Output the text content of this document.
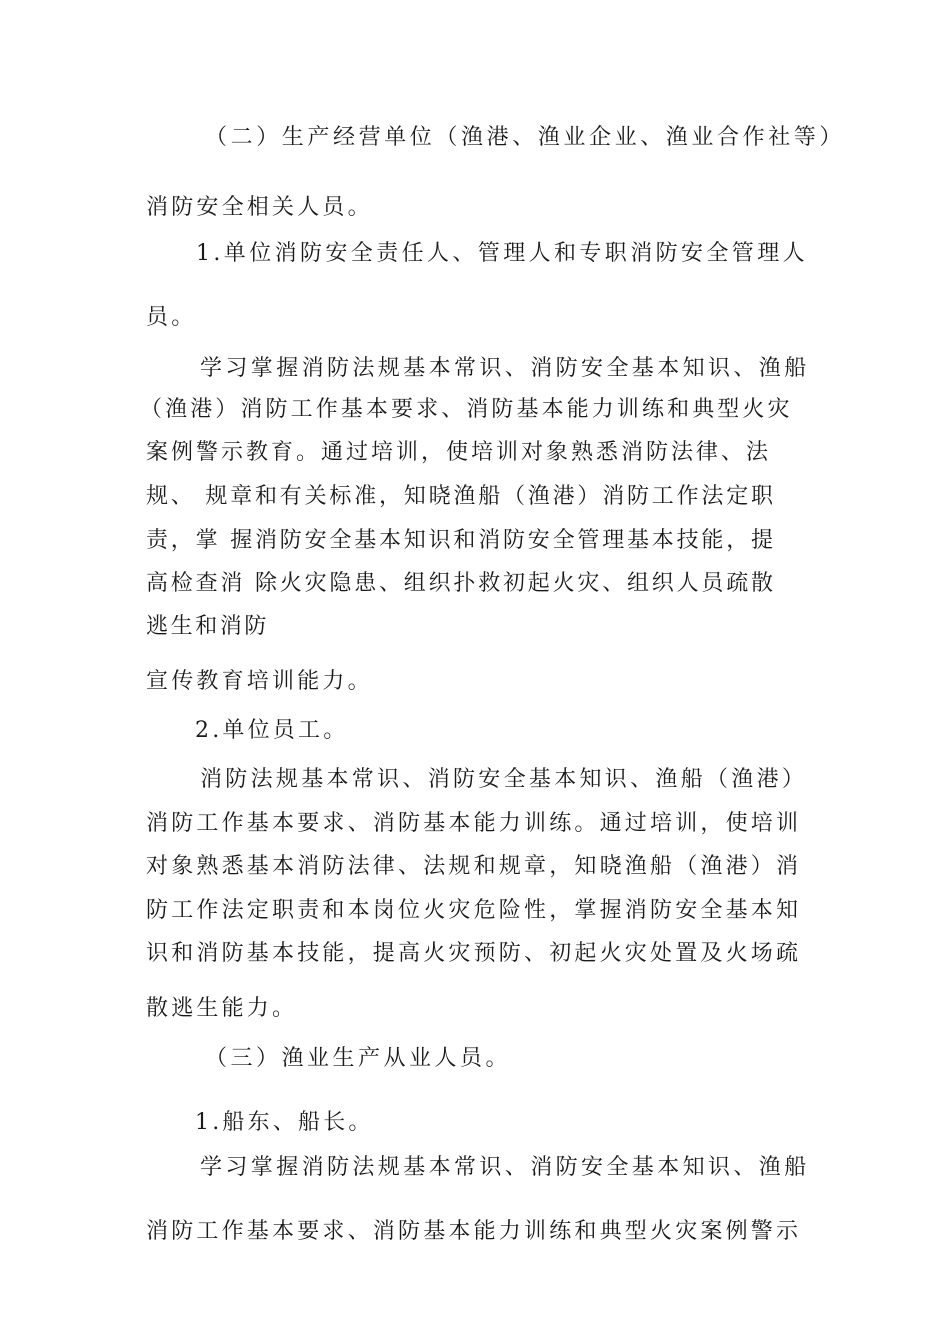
（二）生产经营单位（渔港、渔业企业、渔业合作社等）
消防安全相关人员。
1.单位消防安全责任人、管理人和专职消防安全管理人
员。
学习掌握消防法规基本常识、消防安全基本知识、渔船
（渔港）消防工作基本要求、消防基本能力训练和典型火灾
案例警示教育。通过培训，使培训对象熟悉消防法律、法
规、 规章和有关标准，知晓渔船（渔港）消防工作法定职
责，掌 握消防安全基本知识和消防安全管理基本技能，提
高检查消 除火灾隐患、组织扑救初起火灾、组织人员疏散
逃生和消防
宣传教育培训能力。
2.单位员工。
消防法规基本常识、消防安全基本知识、渔船（渔港）
消防工作基本要求、消防基本能力训练。通过培训，使培训
对象熟悉基本消防法律、法规和规章，知晓渔船（渔港）消
防工作法定职责和本岗位火灾危险性，掌握消防安全基本知
识和消防基本技能，提高火灾预防、初起火灾处置及火场疏
散逃生能力。
（三）渔业生产从业人员。
1.船东、船长。
学习掌握消防法规基本常识、消防安全基本知识、渔船
消防工作基本要求、消防基本能力训练和典型火灾案例警示
